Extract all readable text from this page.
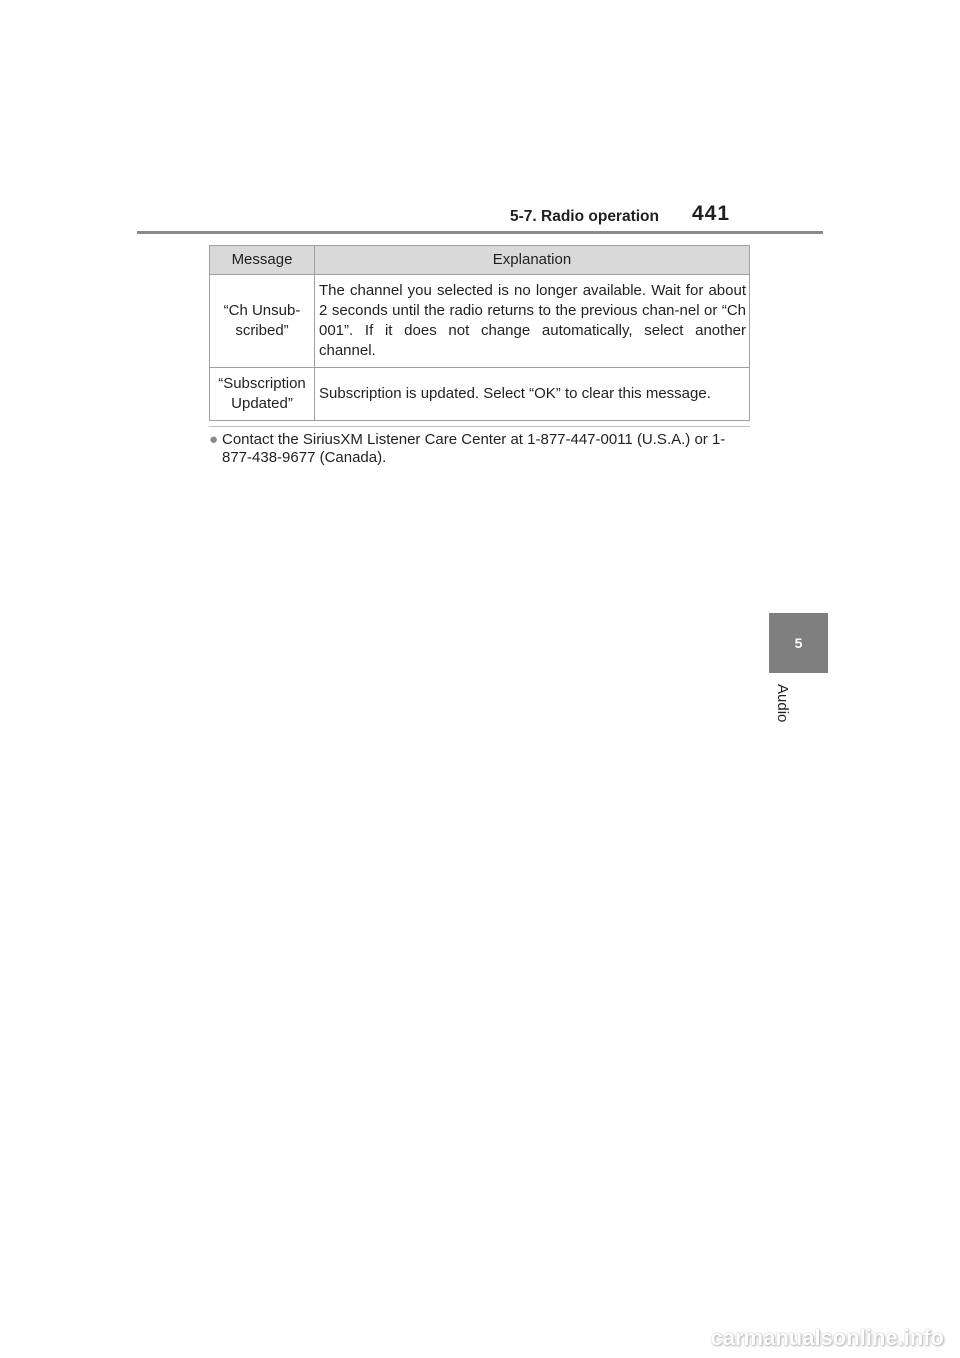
5-7. Radio operation 441
5
Audio
Message	Explanation
“Ch Unsub-scribed”	The channel you selected is no longer available. Wait for about 2 seconds until the radio returns to the previous chan-nel or “Ch 001”. If it does not change automatically, select another channel.
“Subscription Updated”	Subscription is updated. Select “OK” to clear this message.
● Contact the SiriusXM Listener Care Center at 1-877-447-0011 (U.S.A.) or 1-877-438-9677 (Canada).
carmanualsonline.info
